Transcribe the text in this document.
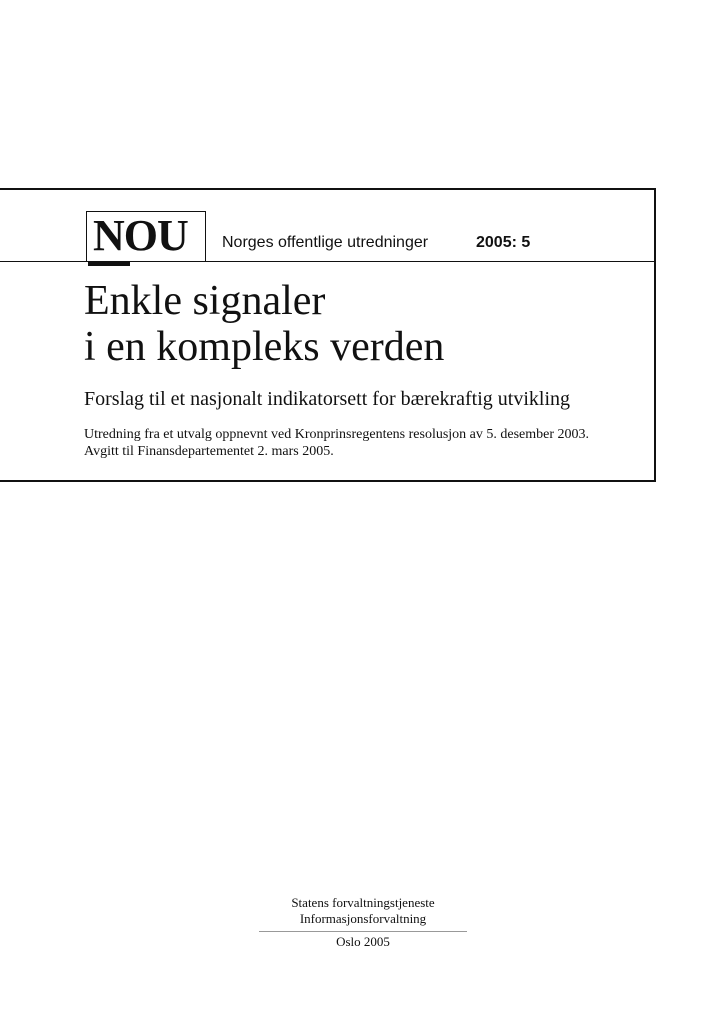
NOU Norges offentlige utredninger	2005: 5
Enkle signaler
i en kompleks verden
Forslag til et nasjonalt indikatorsett for bærekraftig utvikling
Utredning fra et utvalg oppnevnt ved Kronprinsregentens resolusjon av 5. desember 2003.
Avgitt til Finansdepartementet 2. mars 2005.
Statens forvaltningstjeneste
Informasjonsforvaltning
Oslo 2005
